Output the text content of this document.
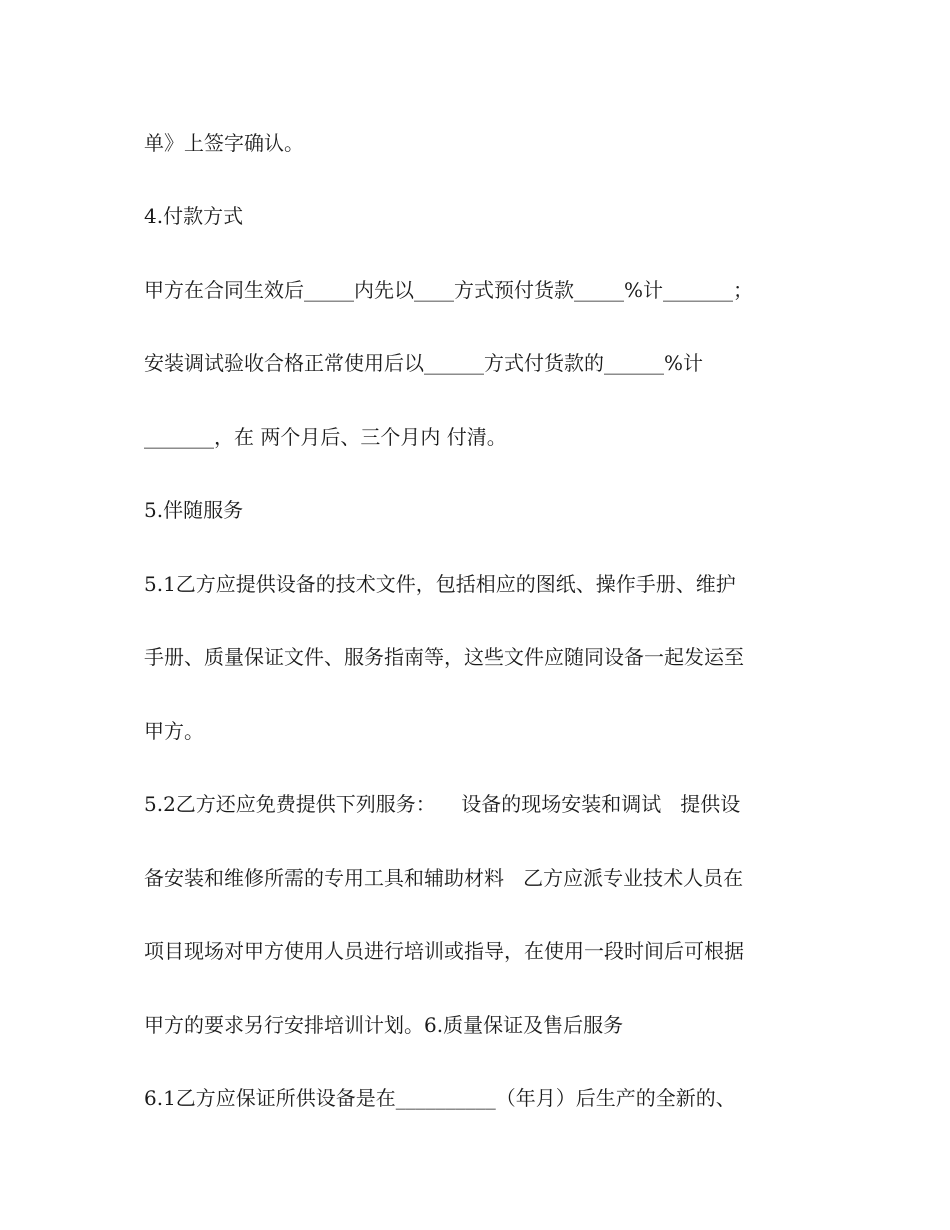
单》上签字确认。

4.付款方式

甲方在合同生效后_____内先以____方式预付货款_____%计_______；

安装调试验收合格正常使用后以______方式付货款的______%计

_______，在 两个月后、三个月内 付清。

5.伴随服务

5.1乙方应提供设备的技术文件，包括相应的图纸、操作手册、维护

手册、质量保证文件、服务指南等，这些文件应随同设备一起发运至

甲方。

5.2乙方还应免费提供下列服务：    设备的现场安装和调试   提供设

备安装和维修所需的专用工具和辅助材料   乙方应派专业技术人员在

项目现场对甲方使用人员进行培训或指导，在使用一段时间后可根据

甲方的要求另行安排培训计划。6.质量保证及售后服务

6.1乙方应保证所供设备是在__________（年月）后生产的全新的、
